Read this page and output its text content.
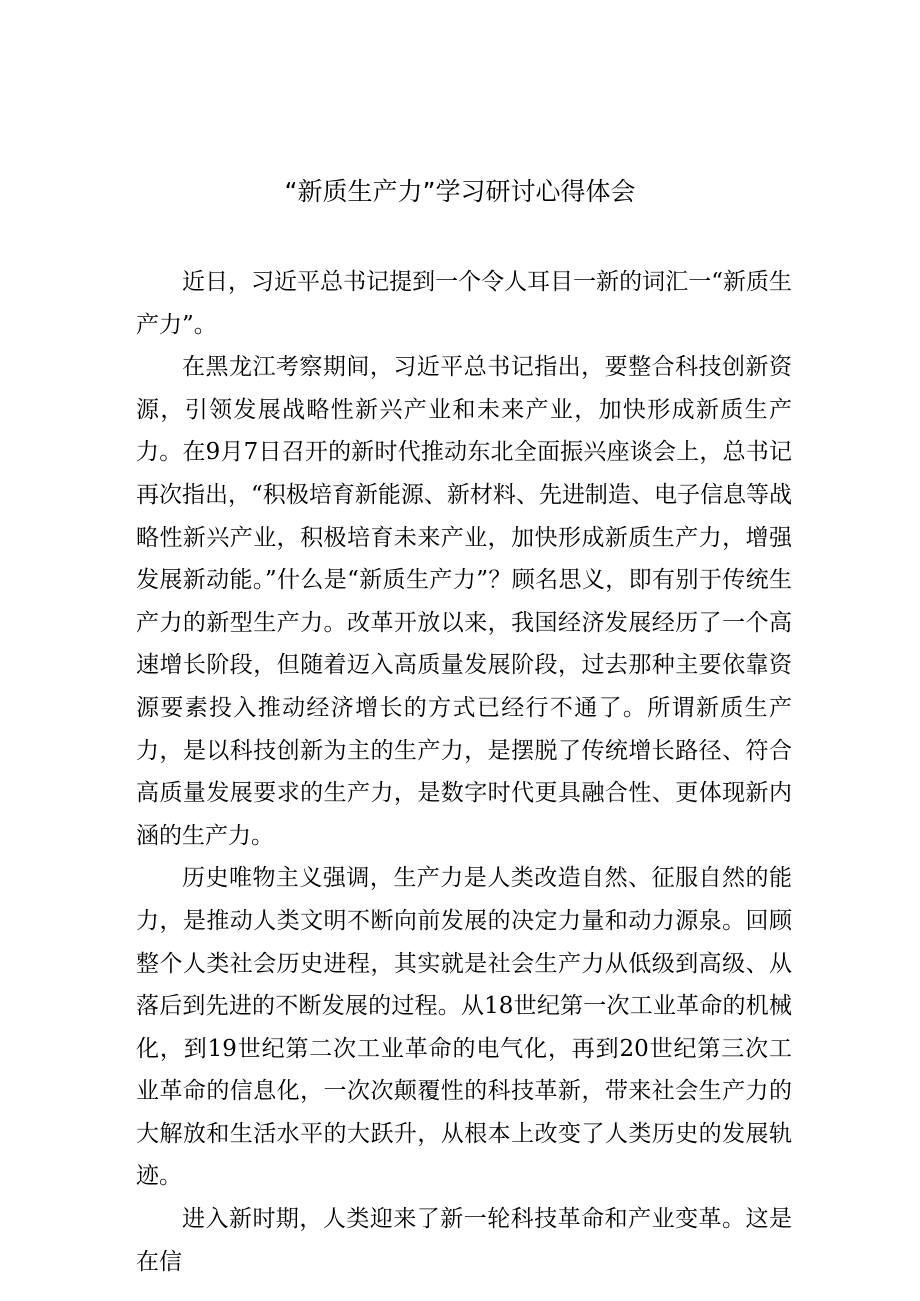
“新质生产力”学习研讨心得体会

近日，习近平总书记提到一个令人耳目一新的词汇一“新质生产力”。

在黑龙江考察期间，习近平总书记指出，要整合科技创新资源，引领发展战略性新兴产业和未来产业，加快形成新质生产力。在9月7日召开的新时代推动东北全面振兴座谈会上，总书记再次指出，“积极培育新能源、新材料、先进制造、电子信息等战略性新兴产业，积极培育未来产业，加快形成新质生产力，增强发展新动能。”什么是“新质生产力”？顾名思义，即有别于传统生产力的新型生产力。改革开放以来，我国经济发展经历了一个高速增长阶段，但随着迈入高质量发展阶段，过去那种主要依靠资源要素投入推动经济增长的方式已经行不通了。所谓新质生产力，是以科技创新为主的生产力，是摆脱了传统增长路径、符合高质量发展要求的生产力，是数字时代更具融合性、更体现新内涵的生产力。

历史唯物主义强调，生产力是人类改造自然、征服自然的能力，是推动人类文明不断向前发展的决定力量和动力源泉。回顾整个人类社会历史进程，其实就是社会生产力从低级到高级、从落后到先进的不断发展的过程。从18世纪第一次工业革命的机械化，到19世纪第二次工业革命的电气化，再到20世纪第三次工业革命的信息化，一次次颠覆性的科技革新，带来社会生产力的大解放和生活水平的大跃升，从根本上改变了人类历史的发展轨迹。

进入新时期，人类迎来了新一轮科技革命和产业变革。这是在信
